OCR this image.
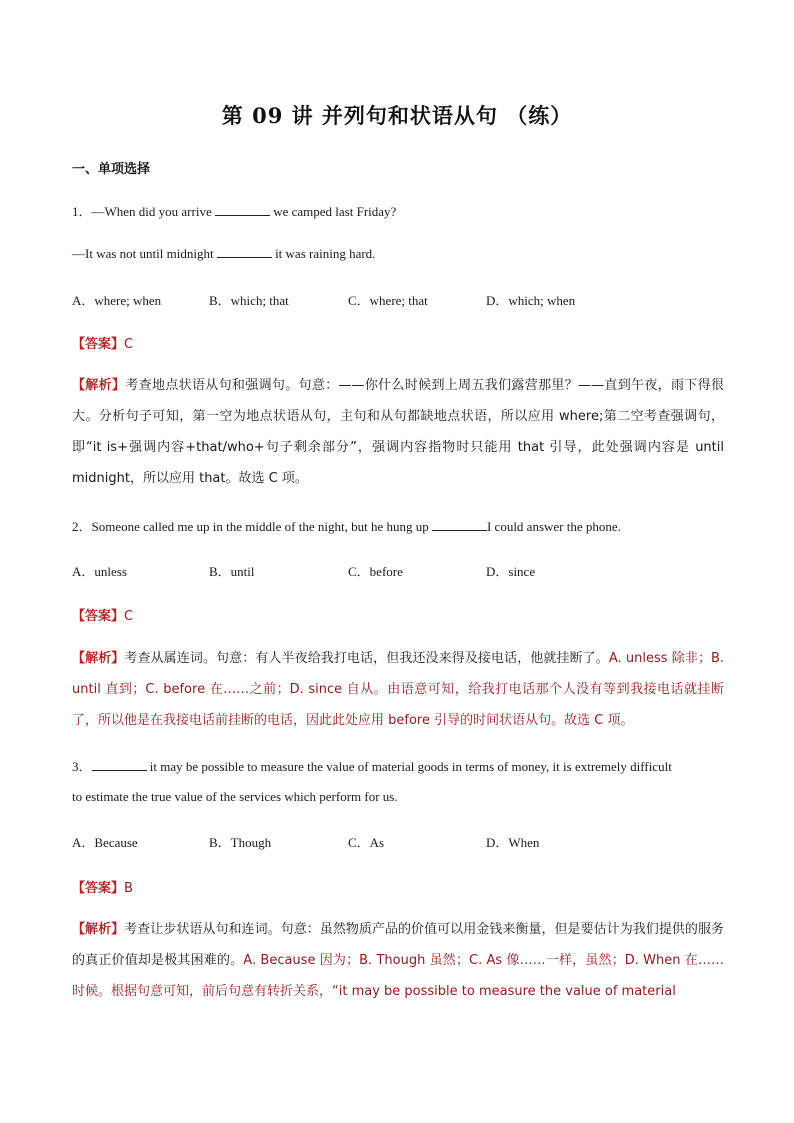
第 09 讲 并列句和状语从句 （练）
一、单项选择
1．—When did you arrive	we camped last Friday?
—It was not until midnight	it was raining hard.
A．where; when	B．which; that	C．where; that	D．which; when
【答案】C
【解析】考查地点状语从句和强调句。句意：——你什么时候到上周五我们露营那里？——直到午夜，雨下得很大。分析句子可知，第一空为地点状语从句，主句和从句都缺地点状语，所以应用 where;第二空考查强调句，即“it is+强调内容+that/who+句子剩余部分”，强调内容指物时只能用 that 引导，此处强调内容是 until midnight，所以应用 that。故选 C 项。
2．Someone called me up in the middle of the night, but he hung up	I could answer the phone.
A．unless	B．until	C．before	D．since
【答案】C
【解析】考查从属连词。句意：有人半夜给我打电话，但我还没来得及接电话，他就挂断了。A. unless 除非；B. until 直到；C. before 在……之前；D. since 自从。由语意可知，给我打电话那个人没有等到我接电话就挂断了，所以他是在我接电话前挂断的电话，因此此处应用 before 引导的时间状语从句。故选 C 项。
3．	it may be possible to measure the value of material goods in terms of money, it is extremely difficult
to estimate the true value of the services which perform for us.
A．Because	B．Though	C．As	D．When
【答案】B
【解析】考查让步状语从句和连词。句意：虽然物质产品的价值可以用金钱来衡量，但是要估计为我们提供的服务的真正价值却是极其困难的。A. Because 因为；B. Though 虽然；C. As 像……一样，虽然；D. When 在……时候。根据句意可知，前后句意有转折关系，“it may be possible to measure the value of material
